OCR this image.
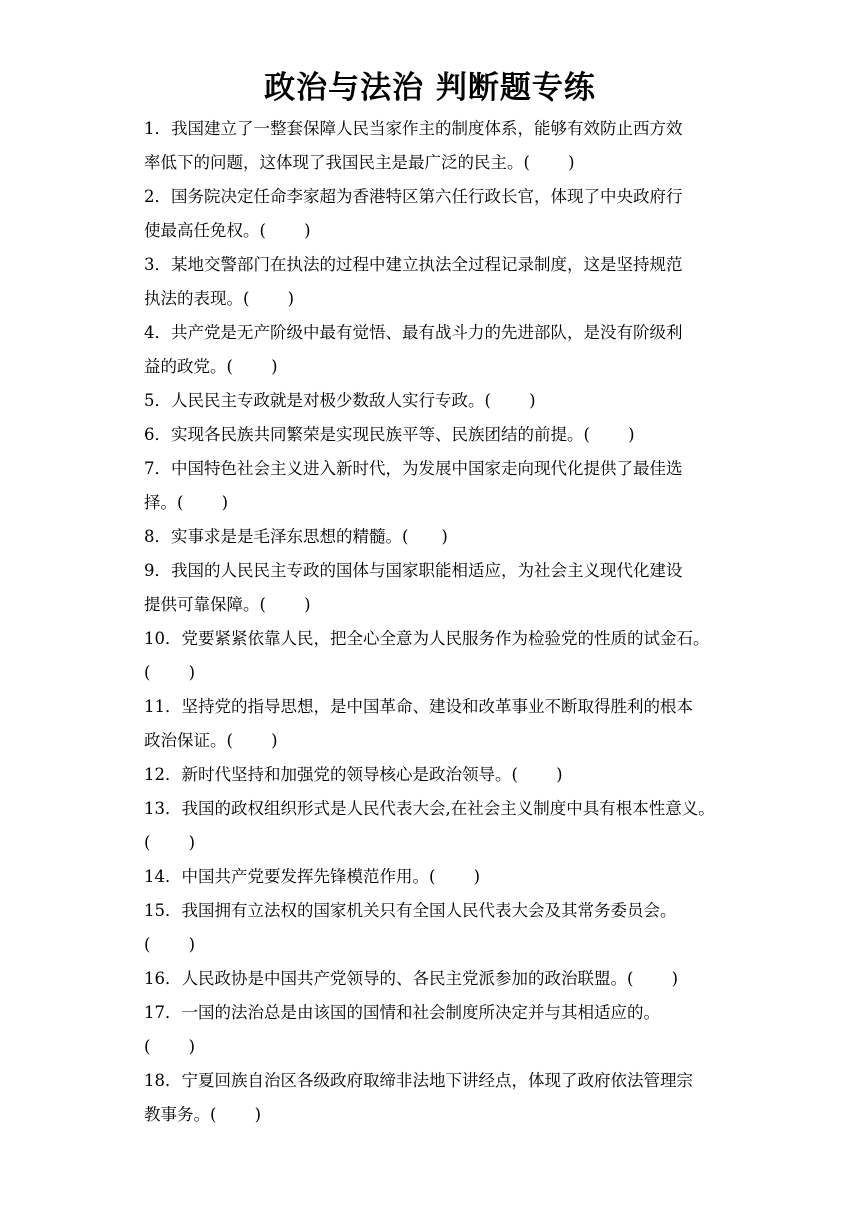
政治与法治 判断题专练
1．我国建立了一整套保障人民当家作主的制度体系，能够有效防止西方效
率低下的问题，这体现了我国民主是最广泛的民主。(　　 )
2．国务院决定任命李家超为香港特区第六任行政长官，体现了中央政府行
使最高任免权。(　　 )
3．某地交警部门在执法的过程中建立执法全过程记录制度，这是坚持规范
执法的表现。(　　 )
4．共产党是无产阶级中最有觉悟、最有战斗力的先进部队，是没有阶级利
益的政党。(　　 )
5．人民民主专政就是对极少数敌人实行专政。(　　 )
6．实现各民族共同繁荣是实现民族平等、民族团结的前提。(　　 )
7．中国特色社会主义进入新时代，为发展中国家走向现代化提供了最佳选
择。(　　 )
8．实事求是是毛泽东思想的精髓。(　　)
9．我国的人民民主专政的国体与国家职能相适应，为社会主义现代化建设
提供可靠保障。(　　 )
10．党要紧紧依靠人民，把全心全意为人民服务作为检验党的性质的试金石。
(　　 )
11．坚持党的指导思想，是中国革命、建设和改革事业不断取得胜利的根本
政治保证。(　　 )
12．新时代坚持和加强党的领导核心是政治领导。(　　 )
13．我国的政权组织形式是人民代表大会,在社会主义制度中具有根本性意义。
(　　 )
14．中国共产党要发挥先锋模范作用。(　　 )
15．我国拥有立法权的国家机关只有全国人民代表大会及其常务委员会。
(　　 )
16．人民政协是中国共产党领导的、各民主党派参加的政治联盟。(　　 )
17．一国的法治总是由该国的国情和社会制度所决定并与其相适应的。
(　　 )
18．宁夏回族自治区各级政府取缔非法地下讲经点，体现了政府依法管理宗
教事务。(　　 )
